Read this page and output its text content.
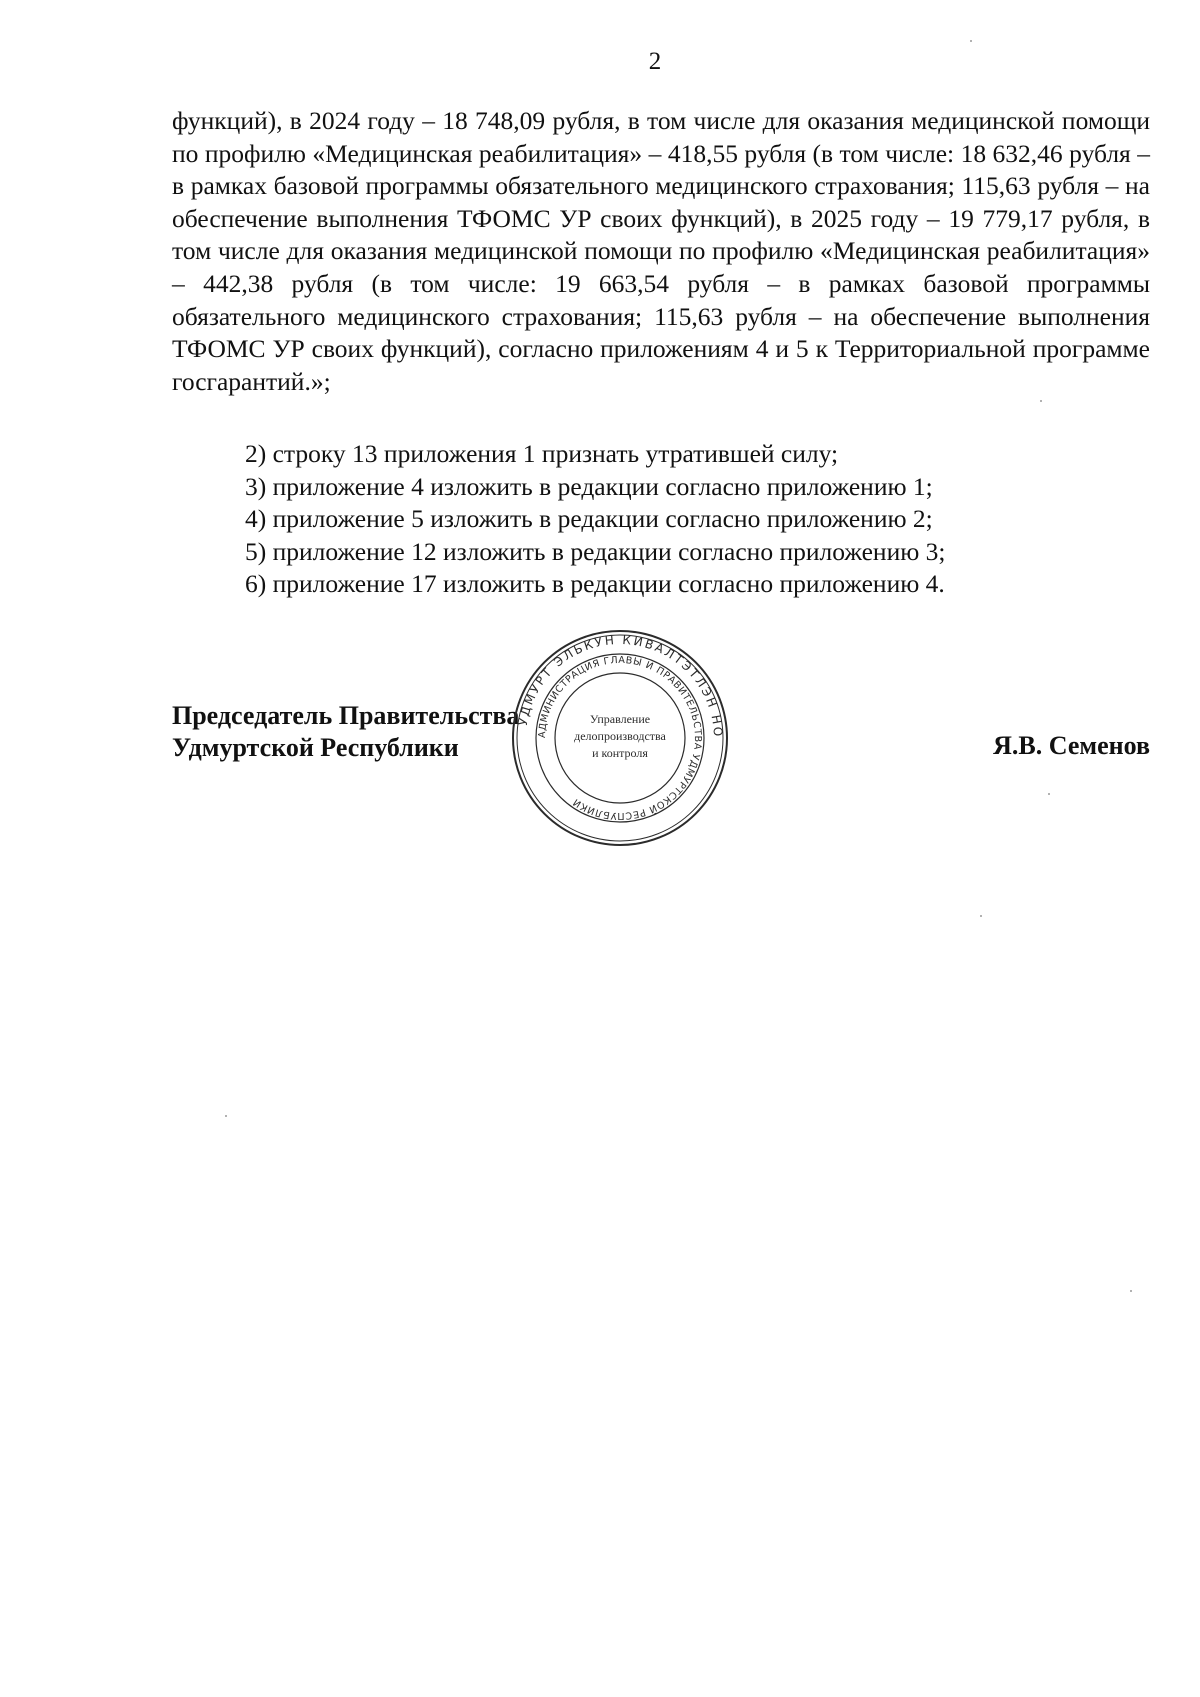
2

функций), в 2024 году – 18 748,09 рубля, в том числе для оказания медицинской помощи по профилю «Медицинская реабилитация» – 418,55 рубля (в том числе: 18 632,46 рубля – в рамках базовой программы обязательного медицинского страхования; 115,63 рубля – на обеспечение выполнения ТФОМС УР своих функций), в 2025 году – 19 779,17 рубля, в том числе для оказания медицинской помощи по профилю «Медицинская реабилитация» – 442,38 рубля (в том числе: 19 663,54 рубля – в рамках базовой программы обязательного медицинского страхования; 115,63 рубля – на обеспечение выполнения ТФОМС УР своих функций), согласно приложениям 4 и 5 к Территориальной программе госгарантий.»;

2) строку 13 приложения 1 признать утратившей силу;
3) приложение 4 изложить в редакции согласно приложению 1;
4) приложение 5 изложить в редакции согласно приложению 2;
5) приложение 12 изложить в редакции согласно приложению 3;
6) приложение 17 изложить в редакции согласно приложению 4.
Председатель Правительства
Удмуртской Республики	Я.В. Семенов
УДМУРТ ЭЛЬКУН КИВАЛТЭТЛЭН НО
АДМИНИСТРАЦИЯ ГЛАВЫ И ПРАВИТЕЛЬСТВА УДМУРТСКОЙ РЕСПУБЛИКИ
Управление
делопроизводства
и контроля
